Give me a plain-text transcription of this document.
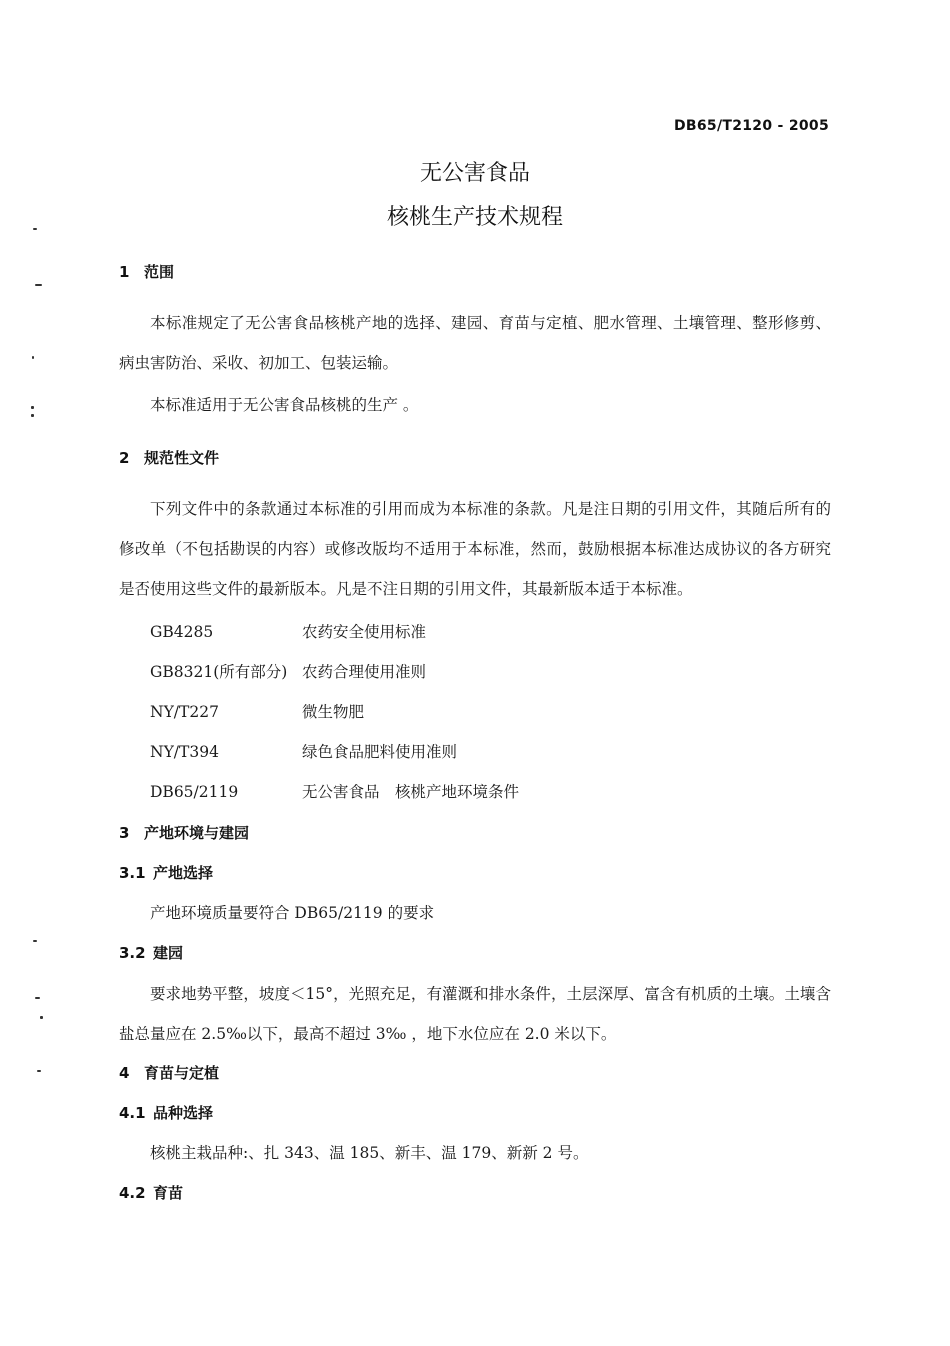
DB65/T2120 - 2005
无公害食品
核桃生产技术规程
1 范围

本标准规定了无公害食品核桃产地的选择、建园、育苗与定植、肥水管理、土壤管理、整形修剪、病虫害防治、采收、初加工、包装运输。

本标准适用于无公害食品核桃的生产 。

2 规范性文件

下列文件中的条款通过本标准的引用而成为本标准的条款。凡是注日期的引用文件，其随后所有的修改单（不包括勘误的内容）或修改版均不适用于本标准，然而，鼓励根据本标准达成协议的各方研究是否使用这些文件的最新版本。凡是不注日期的引用文件，其最新版本适于本标准。

GB4285	农药安全使用标准
GB8321(所有部分) 农药合理使用准则
NY/T227	微生物肥
NY/T394	绿色食品肥料使用准则
DB65/2119	无公害食品　核桃产地环境条件
3 产地环境与建园
3.1 产地选择
产地环境质量要符合 DB65/2119 的要求
3.2 建园

要求地势平整，坡度＜15°，光照充足，有灌溉和排水条件，土层深厚、富含有机质的土壤。土壤含盐总量应在 2.5‰以下，最高不超过 3‰ ，地下水位应在 2.0 米以下。

4 育苗与定植
4.1 品种选择
核桃主栽品种:、扎 343、温 185、新丰、温 179、新新 2 号。
4.2 育苗
